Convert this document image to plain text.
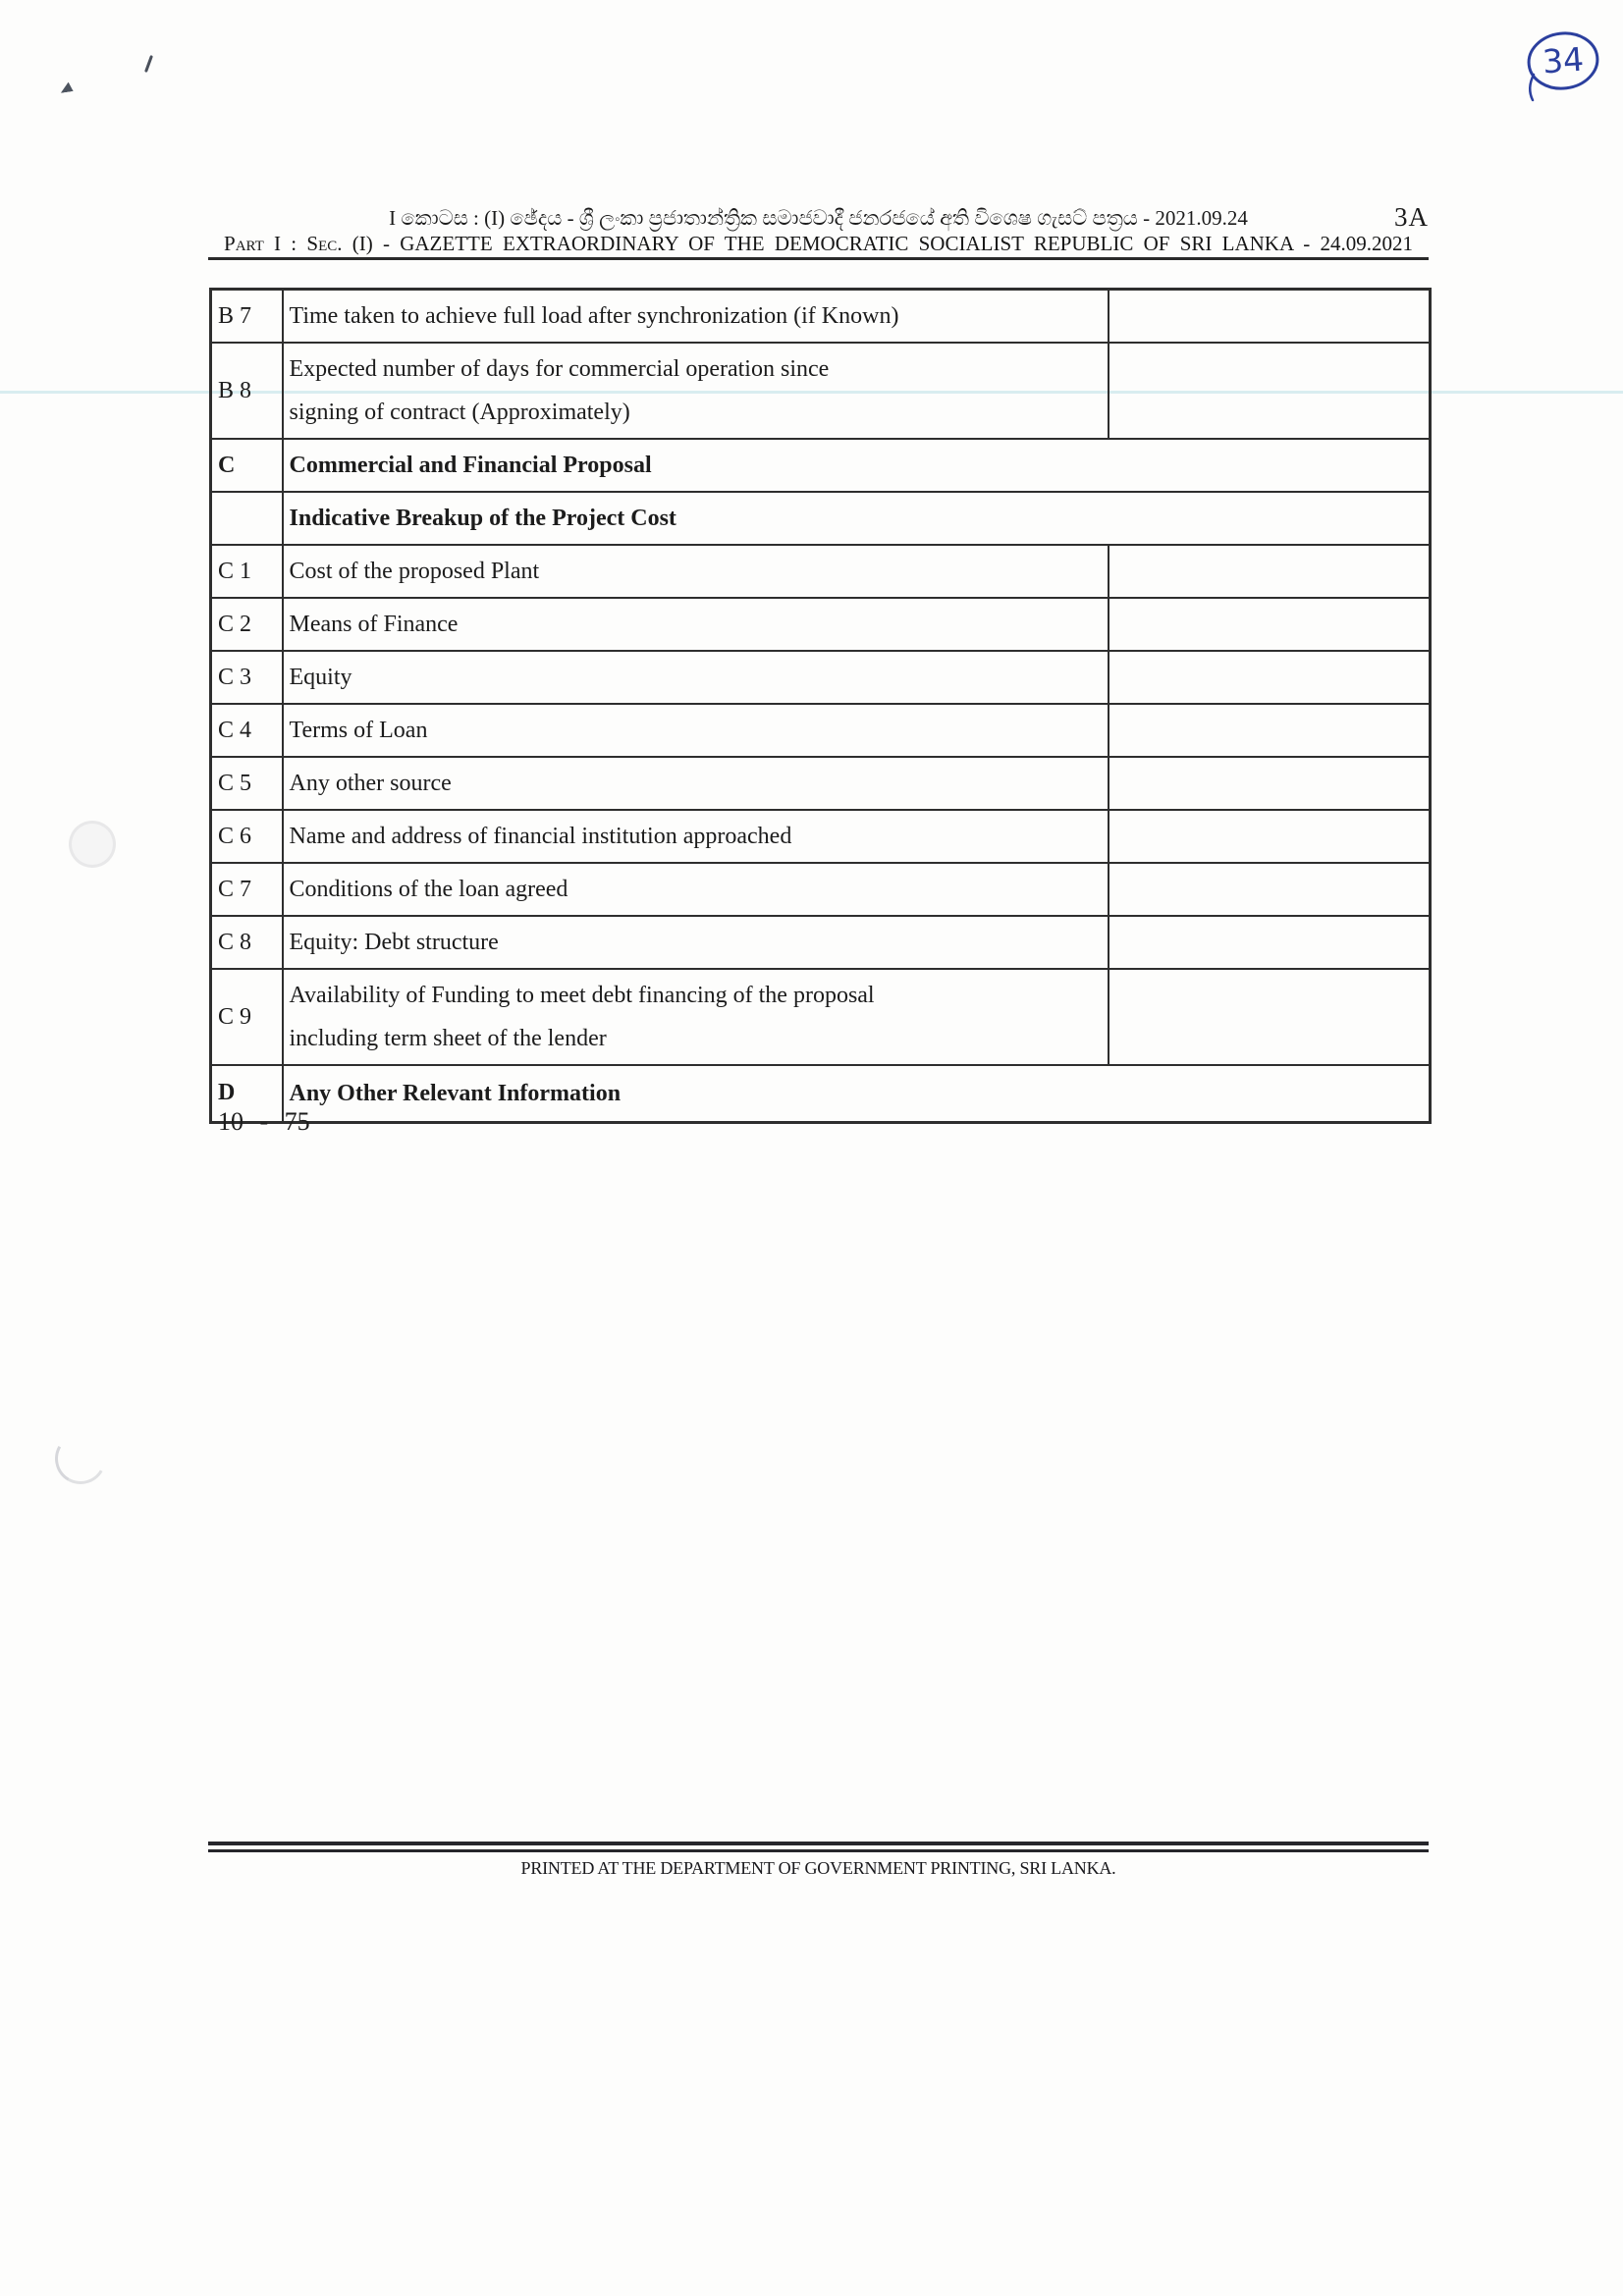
34
I කොටස : (I) ඡේදය - ශ්‍රී ලංකා ප්‍රජාතාන්ත්‍රික සමාජවාදී ජනරජයේ අති විශෙෂ ගැසට් පත්‍රය - 2021.09.24	3A
Part I : Sec. (I) - GAZETTE EXTRAORDINARY OF THE DEMOCRATIC SOCIALIST REPUBLIC OF SRI LANKA - 24.09.2021
B 7	Time taken to achieve full load after synchronization (if Known)	

B 8	Expected number of days for commercial operation since
signing of contract (Approximately)	

C	Commercial and Financial Proposal	

	Indicative Breakup of the Project Cost	

C 1	Cost of the proposed Plant	

C 2	Means of Finance	

C 3	Equity	

C 4	Terms of Loan	

C 5	Any other source	

C 6	Name and address of financial institution approached	

C 7	Conditions of the loan agreed	

C 8	Equity: Debt structure	

C 9	Availability of Funding to meet debt financing of the proposal
including term sheet of the lender	

D	Any Other Relevant Information	
10 - 75
PRINTED AT THE DEPARTMENT OF GOVERNMENT PRINTING, SRI LANKA.
